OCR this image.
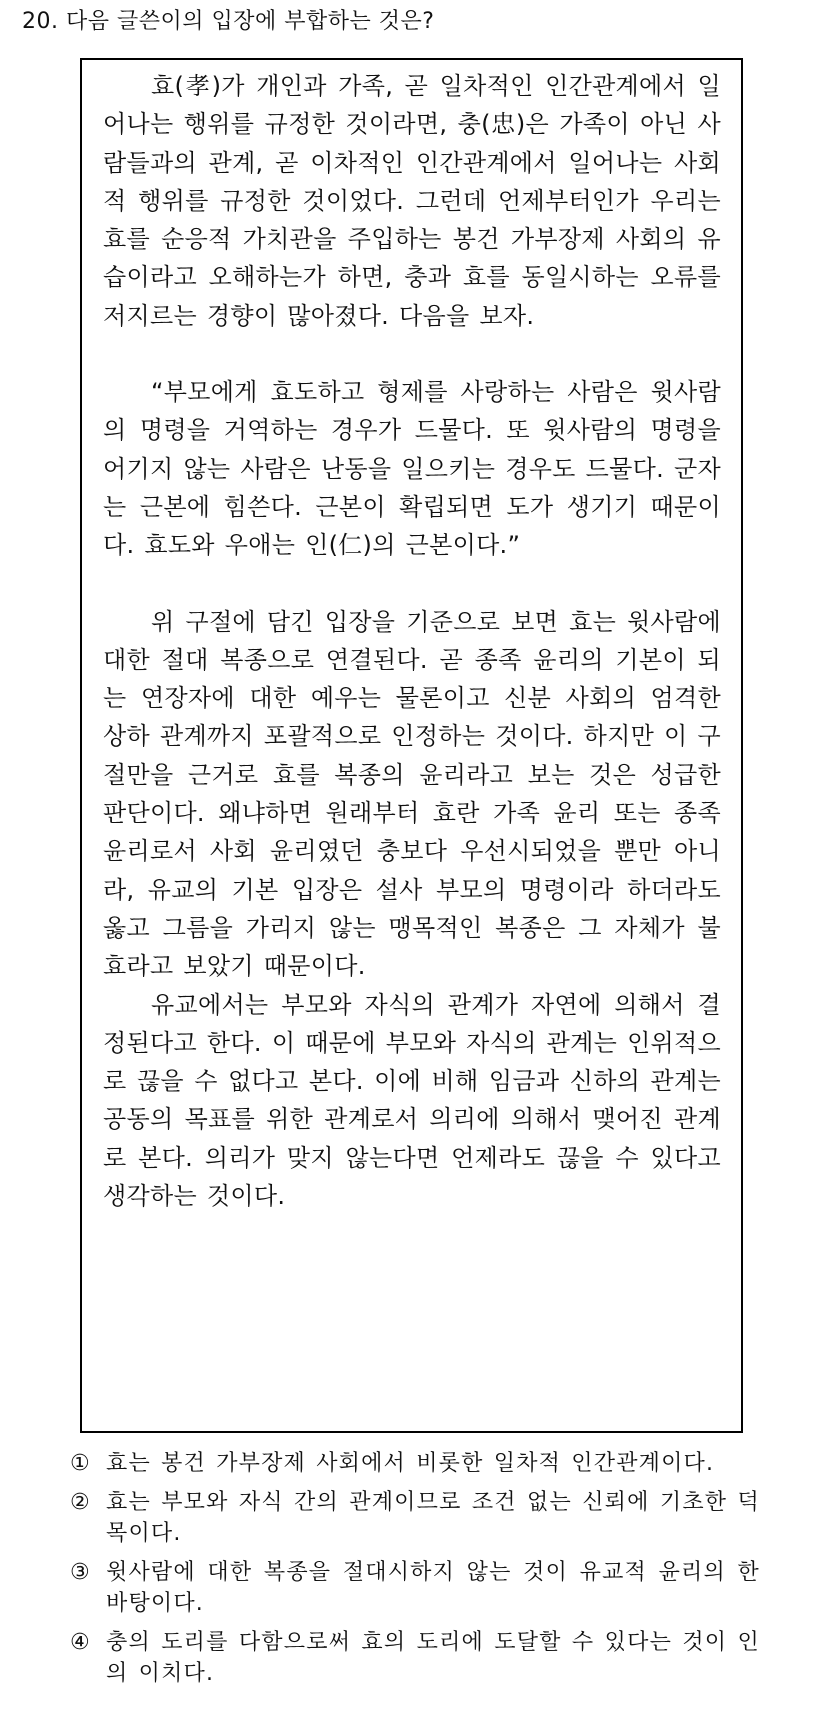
20. 다음 글쓴이의 입장에 부합하는 것은?

효(孝)가 개인과 가족, 곧 일차적인 인간관계에서 일어나는 행위를 규정한 것이라면, 충(忠)은 가족이 아닌 사람들과의 관계, 곧 이차적인 인간관계에서 일어나는 사회적 행위를 규정한 것이었다. 그런데 언제부터인가 우리는 효를 순응적 가치관을 주입하는 봉건 가부장제 사회의 유습이라고 오해하는가 하면, 충과 효를 동일시하는 오류를 저지르는 경향이 많아졌다. 다음을 보자.

“부모에게 효도하고 형제를 사랑하는 사람은 윗사람의 명령을 거역하는 경우가 드물다. 또 윗사람의 명령을 어기지 않는 사람은 난동을 일으키는 경우도 드물다. 군자는 근본에 힘쓴다. 근본이 확립되면 도가 생기기 때문이다. 효도와 우애는 인(仁)의 근본이다.”

위 구절에 담긴 입장을 기준으로 보면 효는 윗사람에 대한 절대 복종으로 연결된다. 곧 종족 윤리의 기본이 되는 연장자에 대한 예우는 물론이고 신분 사회의 엄격한 상하 관계까지 포괄적으로 인정하는 것이다. 하지만 이 구절만을 근거로 효를 복종의 윤리라고 보는 것은 성급한 판단이다. 왜냐하면 원래부터 효란 가족 윤리 또는 종족 윤리로서 사회 윤리였던 충보다 우선시되었을 뿐만 아니라, 유교의 기본 입장은 설사 부모의 명령이라 하더라도 옳고 그름을 가리지 않는 맹목적인 복종은 그 자체가 불효라고 보았기 때문이다.

유교에서는 부모와 자식의 관계가 자연에 의해서 결정된다고 한다. 이 때문에 부모와 자식의 관계는 인위적으로 끊을 수 없다고 본다. 이에 비해 임금과 신하의 관계는 공동의 목표를 위한 관계로서 의리에 의해서 맺어진 관계로 본다. 의리가 맞지 않는다면 언제라도 끊을 수 있다고 생각하는 것이다.

① 효는 봉건 가부장제 사회에서 비롯한 일차적 인간관계이다.
② 효는 부모와 자식 간의 관계이므로 조건 없는 신뢰에 기초한 덕목이다.
③ 윗사람에 대한 복종을 절대시하지 않는 것이 유교적 윤리의 한 바탕이다.
④ 충의 도리를 다함으로써 효의 도리에 도달할 수 있다는 것이 인의 이치다.
